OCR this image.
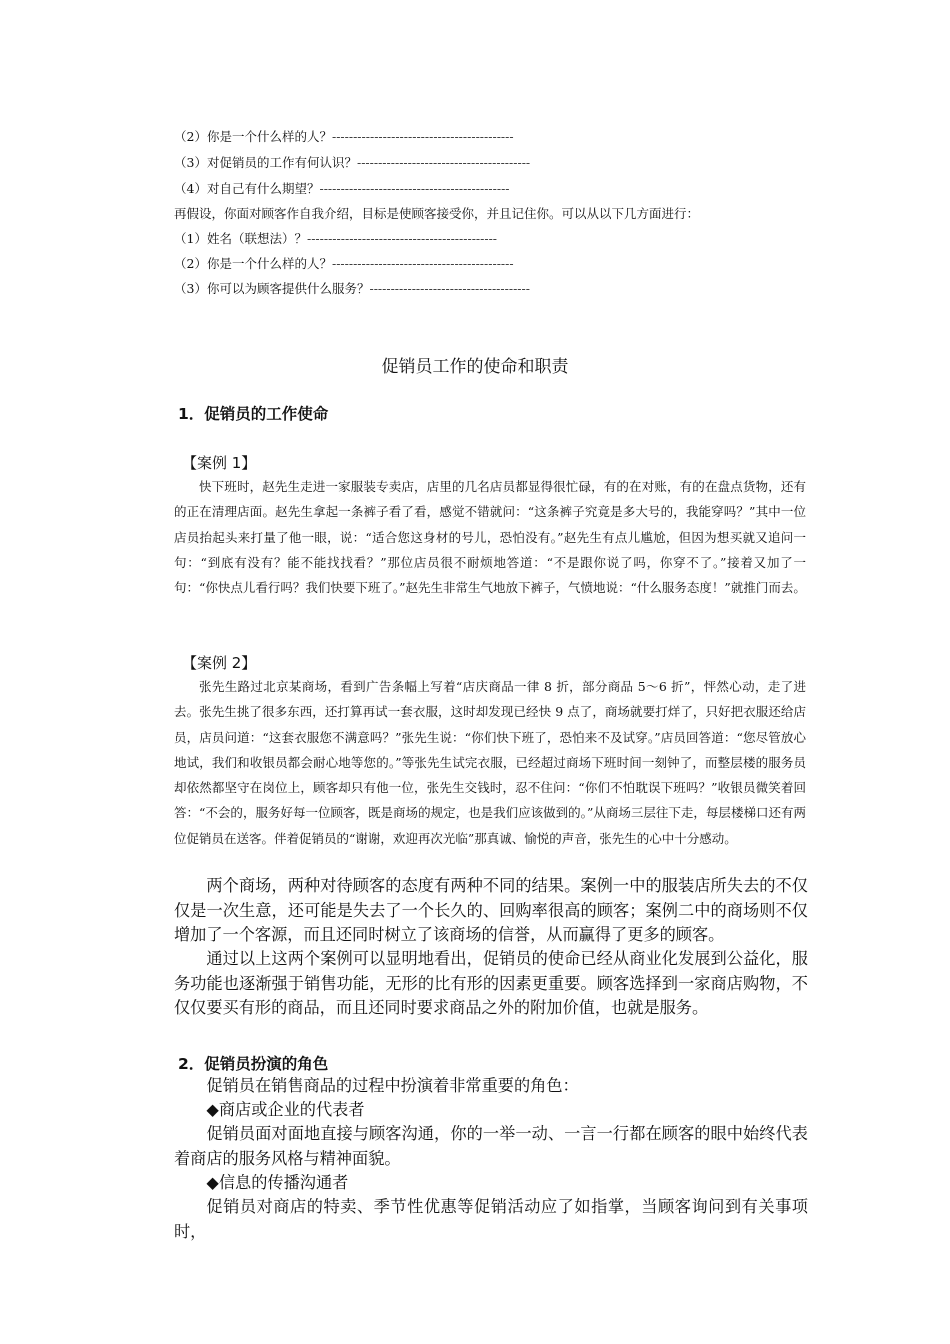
（2）你是一个什么样的人？-------------------------------------------
（3）对促销员的工作有何认识？-----------------------------------------
（4）对自己有什么期望？---------------------------------------------
再假设，你面对顾客作自我介绍，目标是使顾客接受你，并且记住你。可以从以下几方面进行：
（1）姓名（联想法）？---------------------------------------------
（2）你是一个什么样的人？-------------------------------------------
（3）你可以为顾客提供什么服务？--------------------------------------
促销员工作的使命和职责
1．促销员的工作使命
【案例 1】

快下班时，赵先生走进一家服装专卖店，店里的几名店员都显得很忙碌，有的在对账，有的在盘点货物，还有的正在清理店面。赵先生拿起一条裤子看了看，感觉不错就问：“这条裤子究竟是多大号的，我能穿吗？”其中一位店员抬起头来打量了他一眼，说：“适合您这身材的号儿，恐怕没有。”赵先生有点儿尴尬，但因为想买就又追问一句：“到底有没有？能不能找找看？”那位店员很不耐烦地答道：“不是跟你说了吗，你穿不了。”接着又加了一句：“你快点儿看行吗？我们快要下班了。”赵先生非常生气地放下裤子，气愤地说：“什么服务态度！”就推门而去。

【案例 2】

张先生路过北京某商场，看到广告条幅上写着“店庆商品一律 8 折，部分商品 5～6 折”，怦然心动，走了进去。张先生挑了很多东西，还打算再试一套衣服，这时却发现已经快 9 点了，商场就要打烊了，只好把衣服还给店员，店员问道：“这套衣服您不满意吗？”张先生说：“你们快下班了，恐怕来不及试穿。”店员回答道：“您尽管放心地试，我们和收银员都会耐心地等您的。”等张先生试完衣服，已经超过商场下班时间一刻钟了，而整层楼的服务员却依然都坚守在岗位上，顾客却只有他一位，张先生交钱时，忍不住问：“你们不怕耽误下班吗？”收银员微笑着回答：“不会的，服务好每一位顾客，既是商场的规定，也是我们应该做到的。”从商场三层往下走，每层楼梯口还有两位促销员在送客。伴着促销员的“谢谢，欢迎再次光临”那真诚、愉悦的声音，张先生的心中十分感动。

两个商场，两种对待顾客的态度有两种不同的结果。案例一中的服装店所失去的不仅仅是一次生意，还可能是失去了一个长久的、回购率很高的顾客；案例二中的商场则不仅增加了一个客源，而且还同时树立了该商场的信誉，从而赢得了更多的顾客。

通过以上这两个案例可以显明地看出，促销员的使命已经从商业化发展到公益化，服务功能也逐渐强于销售功能，无形的比有形的因素更重要。顾客选择到一家商店购物，不仅仅要买有形的商品，而且还同时要求商品之外的附加价值，也就是服务。

2．促销员扮演的角色
促销员在销售商品的过程中扮演着非常重要的角色：
◆商店或企业的代表者

促销员面对面地直接与顾客沟通，你的一举一动、一言一行都在顾客的眼中始终代表着商店的服务风格与精神面貌。

◆信息的传播沟通者

促销员对商店的特卖、季节性优惠等促销活动应了如指掌，当顾客询问到有关事项时，
